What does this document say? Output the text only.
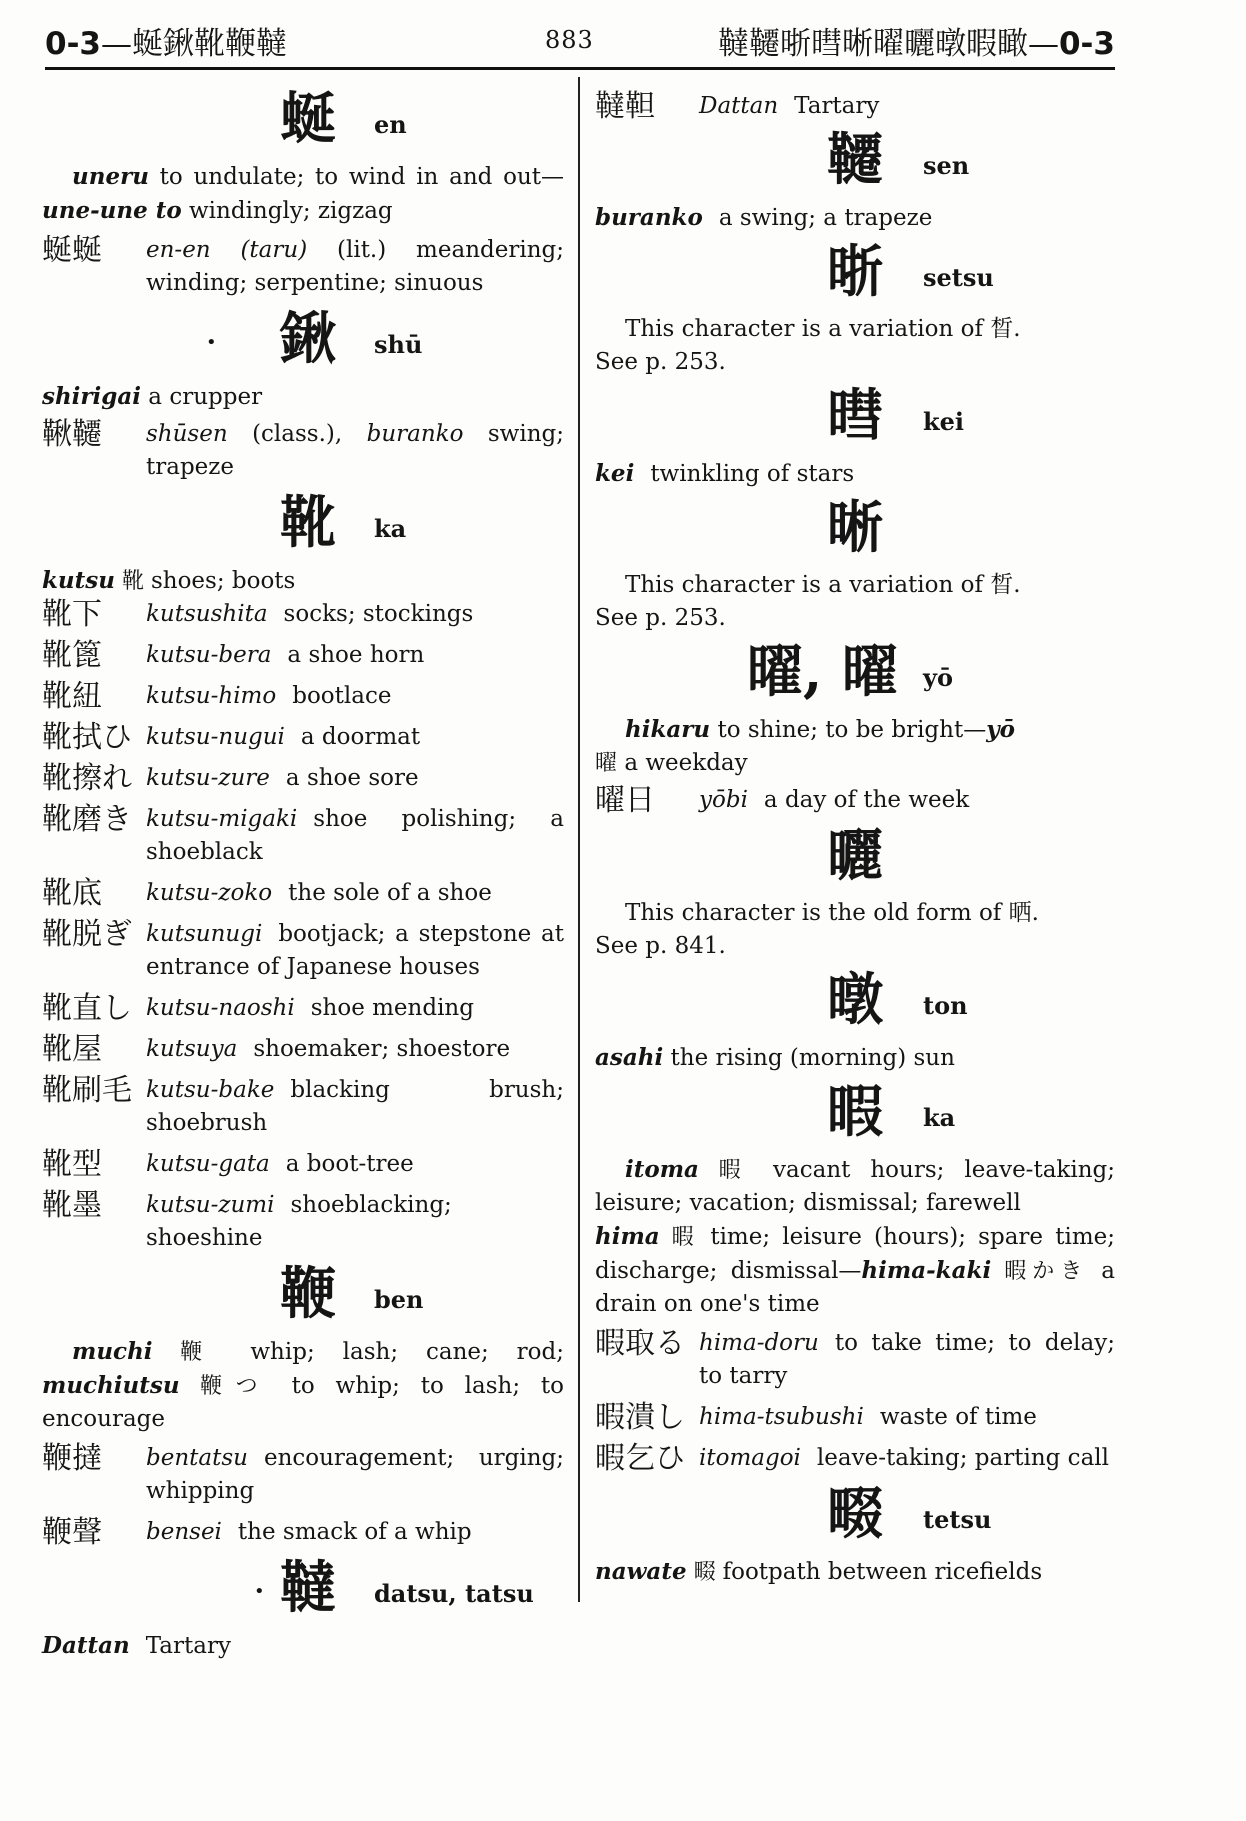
0-3—蜒鍬靴鞭韃	883	韃韆晣暳晰曜曬暾暇瞰—0-3
蜒 en
uneru to undulate; to wind in and out—une-une to windingly; zigzag
蜒蜒 en-en (taru) (lit.) meandering; winding; serpentine; sinuous
• 鍬 shū
shirigai a crupper
鞦韆 shūsen (class.), buranko swing; trapeze
靴 ka
kutsu 靴 shoes; boots
靴下 kutsushita socks; stockings
靴篦 kutsu-bera a shoe horn
靴紐 kutsu-himo bootlace
靴拭ひ kutsu-nugui a doormat
靴擦れ kutsu-zure a shoe sore
靴磨き kutsu-migaki shoe polishing; a shoeblack
靴底 kutsu-zoko the sole of a shoe
靴脱ぎ kutsunugi bootjack; a stepstone at entrance of Japanese houses
靴直し kutsu-naoshi shoe mending
靴屋 kutsuya shoemaker; shoestore
靴刷毛 kutsu-bake blacking brush; shoebrush
靴型 kutsu-gata a boot-tree
靴墨 kutsu-zumi shoeblacking; shoeshine
鞭 ben
muchi 鞭 whip; lash; cane; rod; muchiutsu 鞭つ to whip; to lash; to encourage
鞭撻 bentatsu encouragement; urging; whipping
鞭聲 bensei the smack of a whip
• 韃 datsu, tatsu
Dattan Tartary
韃靼 Dattan Tartary
韆 sen
buranko a swing; a trapeze
晣 setsu
This character is a variation of 晳.
See p. 253.
暳 kei
kei twinkling of stars
晰
This character is a variation of 晳.
See p. 253.
曜, 曜 yō
hikaru to shine; to be bright—yō
曜 a weekday
曜日 yōbi a day of the week
曬
This character is the old form of 晒.
See p. 841.
暾 ton
asahi the rising (morning) sun
暇 ka
itoma 暇 vacant hours; leave-taking; leisure; vacation; dismissal; farewell
hima 暇 time; leisure (hours); spare time; discharge; dismissal—hima-kaki 暇かき a drain on one's time
暇取る hima-doru to take time; to delay; to tarry
暇潰し hima-tsubushi waste of time
暇乞ひ itomagoi leave-taking; parting call
畷 tetsu
nawate 畷 footpath between ricefields
